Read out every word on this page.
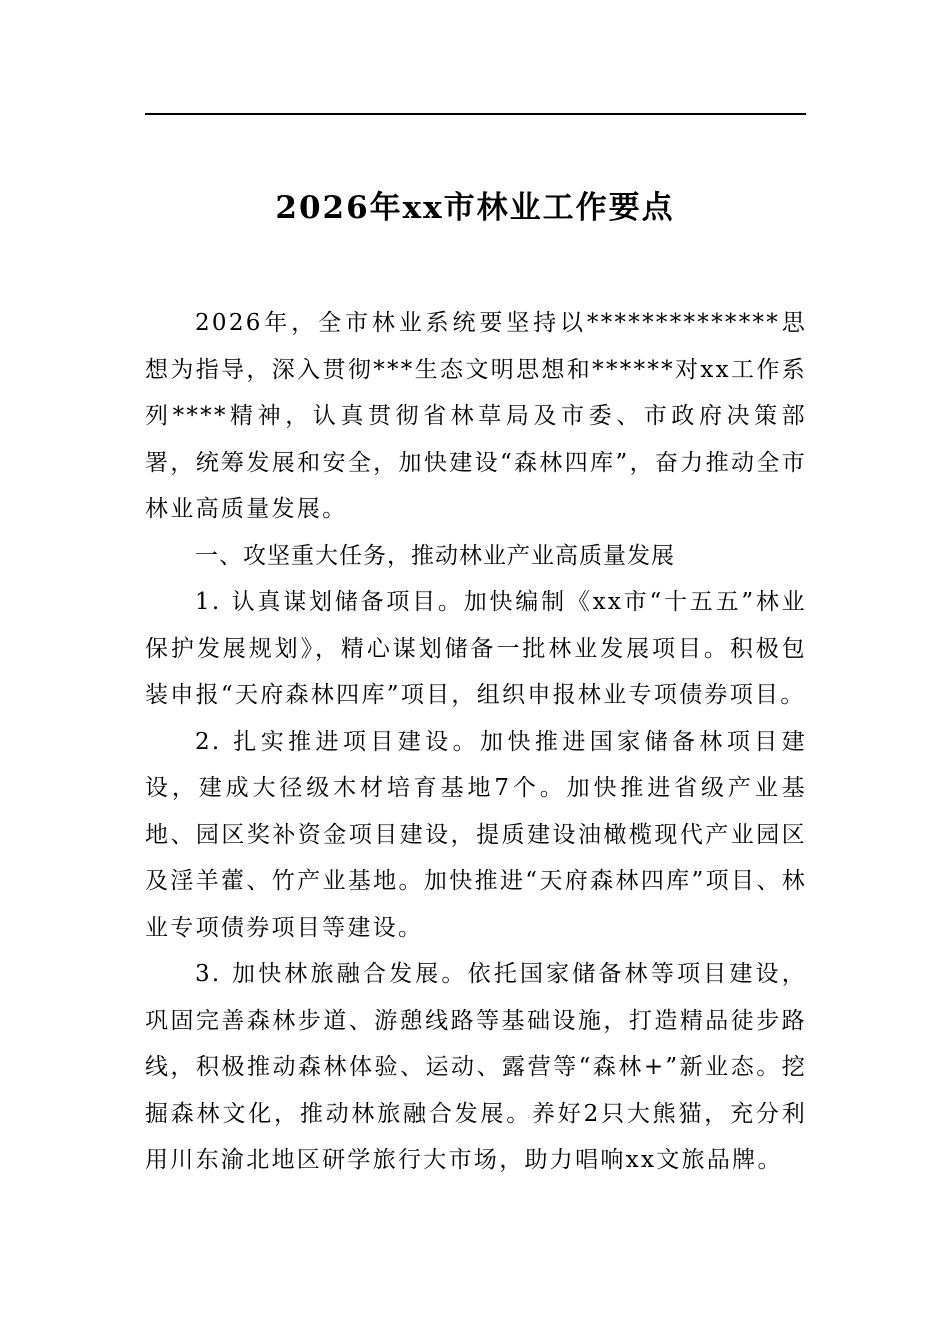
2026年xx市林业工作要点

2026年，全市林业系统要坚持以**************思想为指导，深入贯彻***生态文明思想和******对xx工作系列****精神，认真贯彻省林草局及市委、市政府决策部署，统筹发展和安全，加快建设“森林四库”，奋力推动全市林业高质量发展。

一、攻坚重大任务，推动林业产业高质量发展

1. 认真谋划储备项目。加快编制《xx市“十五五”林业保护发展规划》，精心谋划储备一批林业发展项目。积极包装申报“天府森林四库”项目，组织申报林业专项债券项目。

2. 扎实推进项目建设。加快推进国家储备林项目建设，建成大径级木材培育基地7个。加快推进省级产业基地、园区奖补资金项目建设，提质建设油橄榄现代产业园区及淫羊藿、竹产业基地。加快推进“天府森林四库”项目、林业专项债券项目等建设。

3. 加快林旅融合发展。依托国家储备林等项目建设，巩固完善森林步道、游憩线路等基础设施，打造精品徒步路线，积极推动森林体验、运动、露营等“森林+”新业态。挖掘森林文化，推动林旅融合发展。养好2只大熊猫，充分利用川东渝北地区研学旅行大市场，助力唱响xx文旅品牌。
